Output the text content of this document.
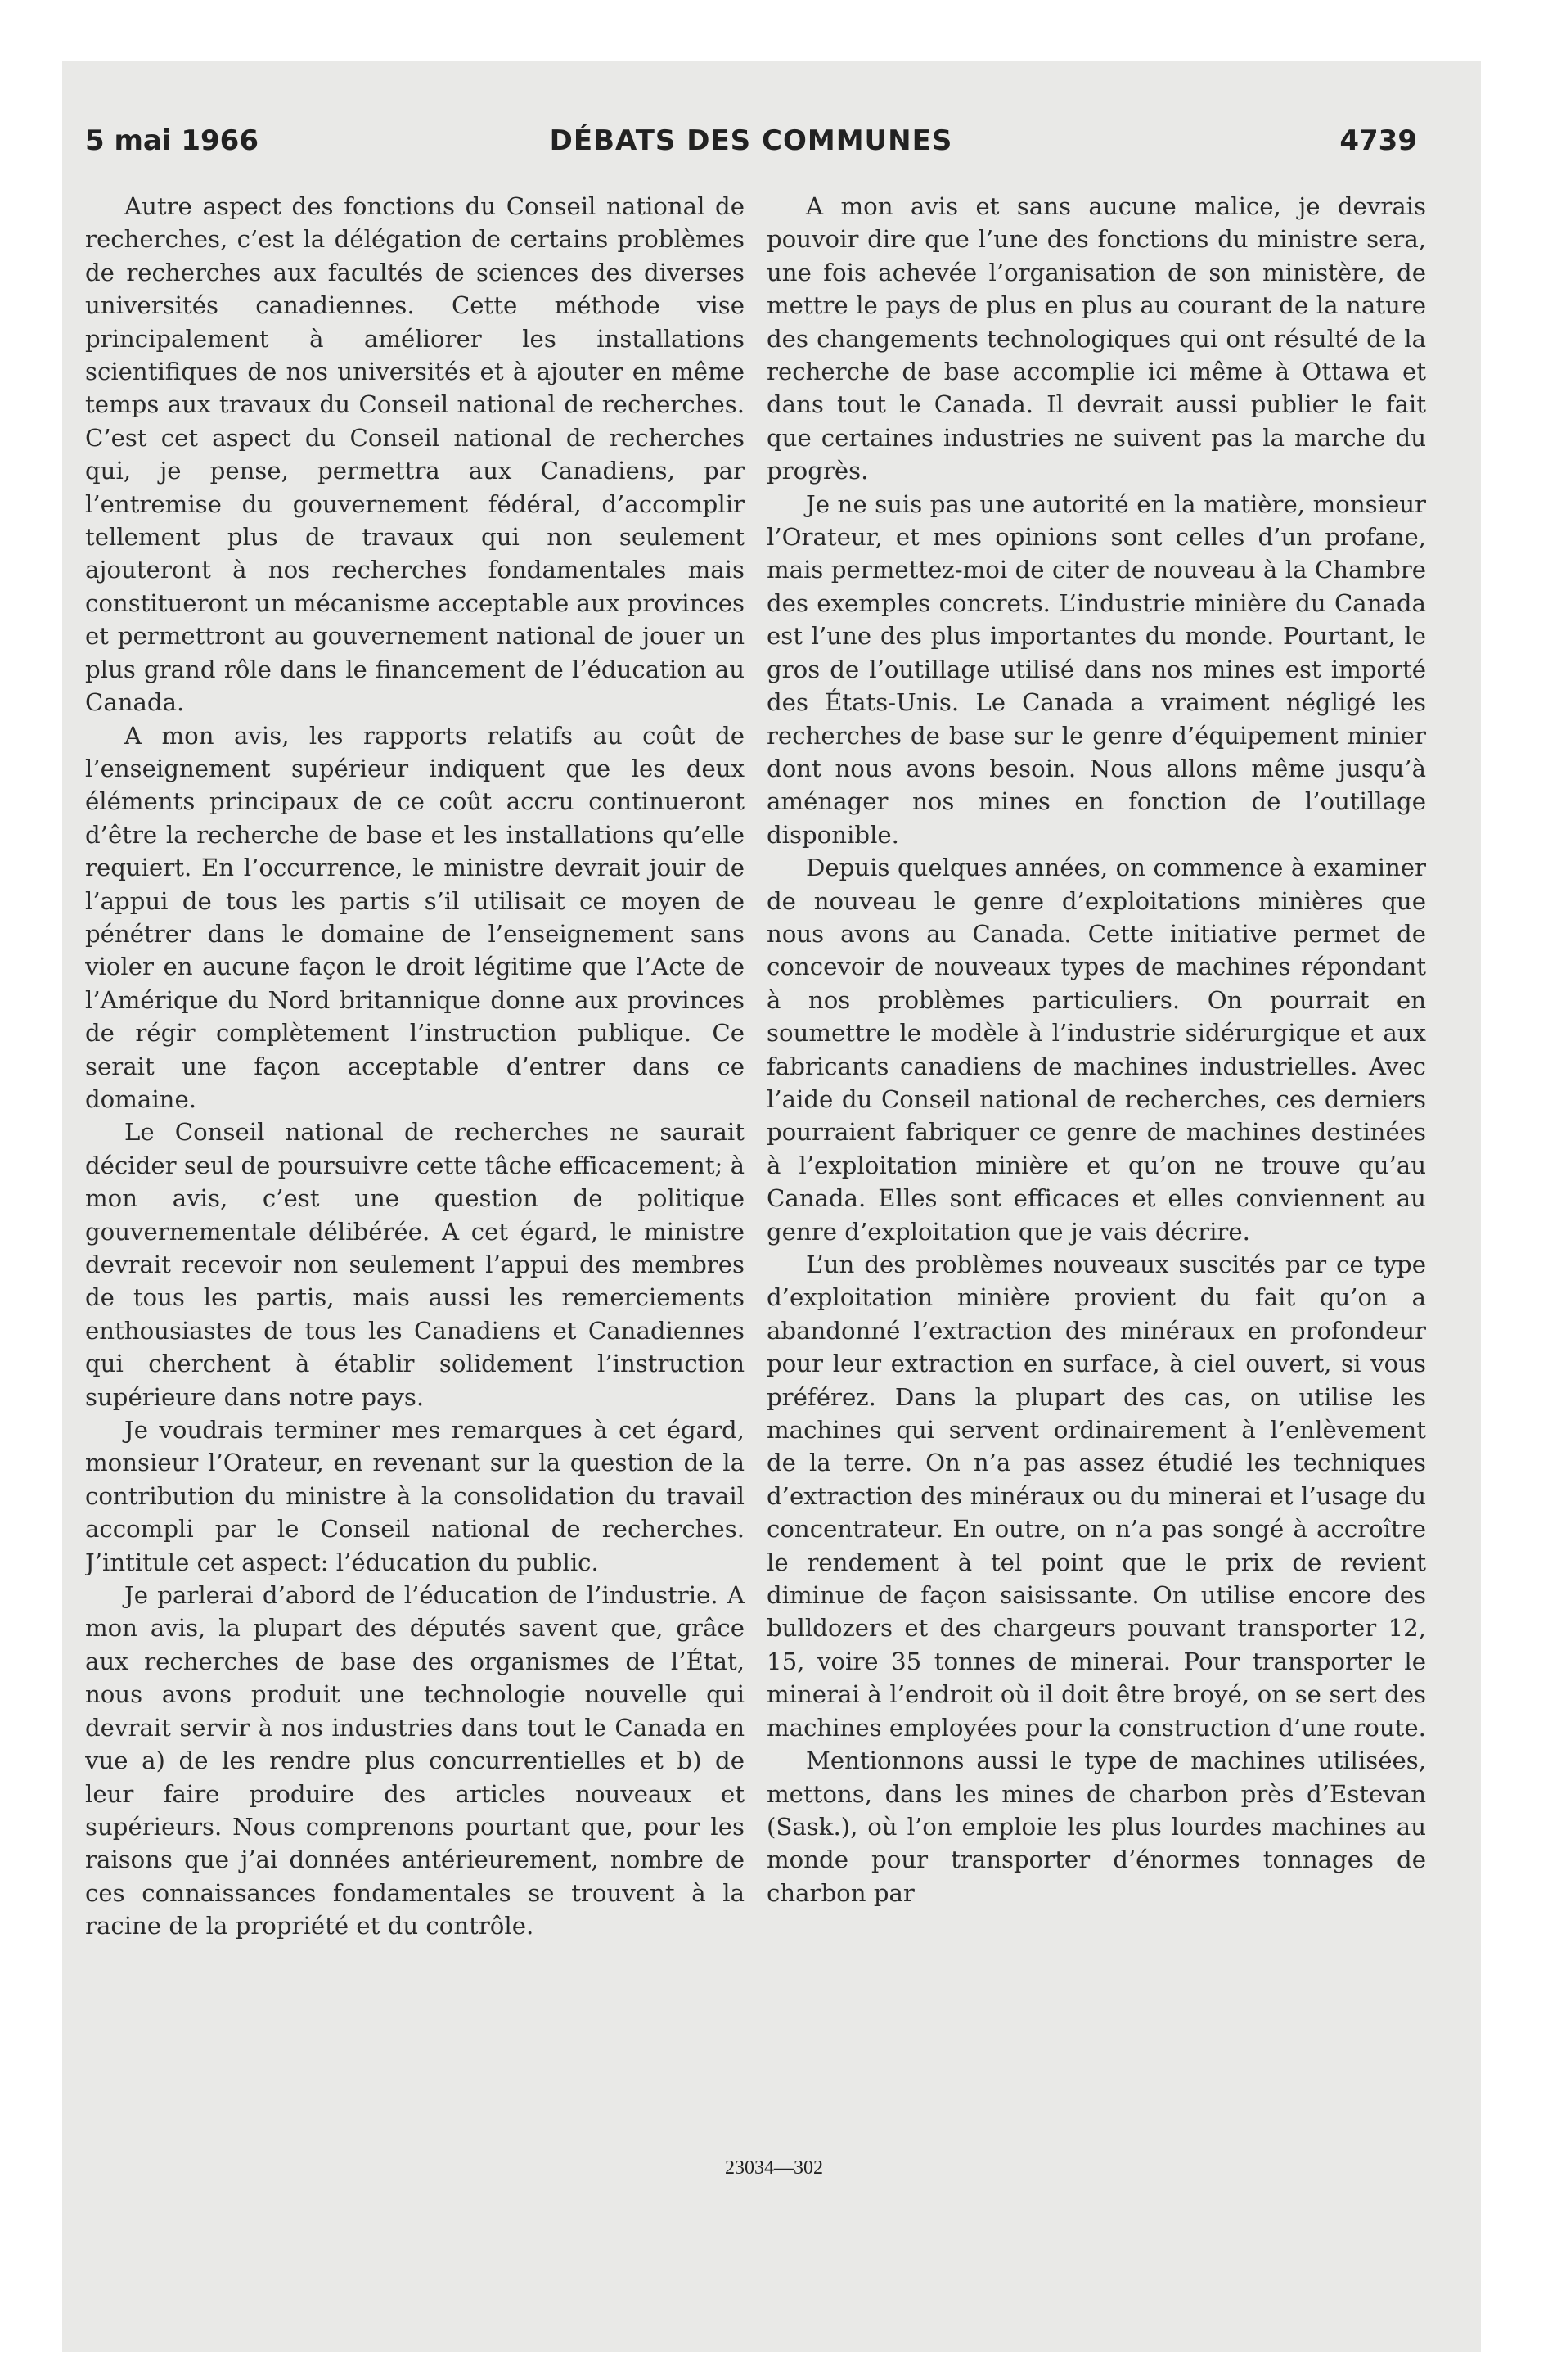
5 mai 1966	DÉBATS DES COMMUNES	4739

Autre aspect des fonctions du Conseil national de recherches, c’est la délégation de certains problèmes de recherches aux facultés de sciences des diverses universités canadiennes. Cette méthode vise principalement à améliorer les installations scientifiques de nos universités et à ajouter en même temps aux travaux du Conseil national de recherches. C’est cet aspect du Conseil national de recherches qui, je pense, permettra aux Canadiens, par l’entremise du gouvernement fédéral, d’accomplir tellement plus de travaux qui non seulement ajouteront à nos recherches fondamentales mais constitueront un mécanisme acceptable aux provinces et permettront au gouvernement national de jouer un plus grand rôle dans le financement de l’éducation au Canada.

A mon avis, les rapports relatifs au coût de l’enseignement supérieur indiquent que les deux éléments principaux de ce coût accru continueront d’être la recherche de base et les installations qu’elle requiert. En l’occurrence, le ministre devrait jouir de l’appui de tous les partis s’il utilisait ce moyen de pénétrer dans le domaine de l’enseignement sans violer en aucune façon le droit légitime que l’Acte de l’Amérique du Nord britannique donne aux provinces de régir complètement l’instruction publique. Ce serait une façon acceptable d’entrer dans ce domaine.

Le Conseil national de recherches ne saurait décider seul de poursuivre cette tâche efficacement; à mon avis, c’est une question de politique gouvernementale délibérée. A cet égard, le ministre devrait recevoir non seulement l’appui des membres de tous les partis, mais aussi les remerciements enthousiastes de tous les Canadiens et Canadiennes qui cherchent à établir solidement l’instruction supérieure dans notre pays.

Je voudrais terminer mes remarques à cet égard, monsieur l’Orateur, en revenant sur la question de la contribution du ministre à la consolidation du travail accompli par le Conseil national de recherches. J’intitule cet aspect: l’éducation du public.

Je parlerai d’abord de l’éducation de l’industrie. A mon avis, la plupart des députés savent que, grâce aux recherches de base des organismes de l’État, nous avons produit une technologie nouvelle qui devrait servir à nos industries dans tout le Canada en vue a) de les rendre plus concurrentielles et b) de leur faire produire des articles nouveaux et supérieurs. Nous comprenons pourtant que, pour les raisons que j’ai données antérieurement, nombre de ces connaissances fondamentales se trouvent à la racine de la propriété et du contrôle.

A mon avis et sans aucune malice, je devrais pouvoir dire que l’une des fonctions du ministre sera, une fois achevée l’organisation de son ministère, de mettre le pays de plus en plus au courant de la nature des changements technologiques qui ont résulté de la recherche de base accomplie ici même à Ottawa et dans tout le Canada. Il devrait aussi publier le fait que certaines industries ne suivent pas la marche du progrès.

Je ne suis pas une autorité en la matière, monsieur l’Orateur, et mes opinions sont celles d’un profane, mais permettez-moi de citer de nouveau à la Chambre des exemples concrets. L’industrie minière du Canada est l’une des plus importantes du monde. Pourtant, le gros de l’outillage utilisé dans nos mines est importé des États-Unis. Le Canada a vraiment négligé les recherches de base sur le genre d’équipement minier dont nous avons besoin. Nous allons même jusqu’à aménager nos mines en fonction de l’outillage disponible.

Depuis quelques années, on commence à examiner de nouveau le genre d’exploitations minières que nous avons au Canada. Cette initiative permet de concevoir de nouveaux types de machines répondant à nos problèmes particuliers. On pourrait en soumettre le modèle à l’industrie sidérurgique et aux fabricants canadiens de machines industrielles. Avec l’aide du Conseil national de recherches, ces derniers pourraient fabriquer ce genre de machines destinées à l’exploitation minière et qu’on ne trouve qu’au Canada. Elles sont efficaces et elles conviennent au genre d’exploitation que je vais décrire.

L’un des problèmes nouveaux suscités par ce type d’exploitation minière provient du fait qu’on a abandonné l’extraction des minéraux en profondeur pour leur extraction en surface, à ciel ouvert, si vous préférez. Dans la plupart des cas, on utilise les machines qui servent ordinairement à l’enlèvement de la terre. On n’a pas assez étudié les techniques d’extraction des minéraux ou du minerai et l’usage du concentrateur. En outre, on n’a pas songé à accroître le rendement à tel point que le prix de revient diminue de façon saisissante. On utilise encore des bulldozers et des chargeurs pouvant transporter 12, 15, voire 35 tonnes de minerai. Pour transporter le minerai à l’endroit où il doit être broyé, on se sert des machines employées pour la construction d’une route.

Mentionnons aussi le type de machines utilisées, mettons, dans les mines de charbon près d’Estevan (Sask.), où l’on emploie les plus lourdes machines au monde pour transporter d’énormes tonnages de charbon par

23034—302
